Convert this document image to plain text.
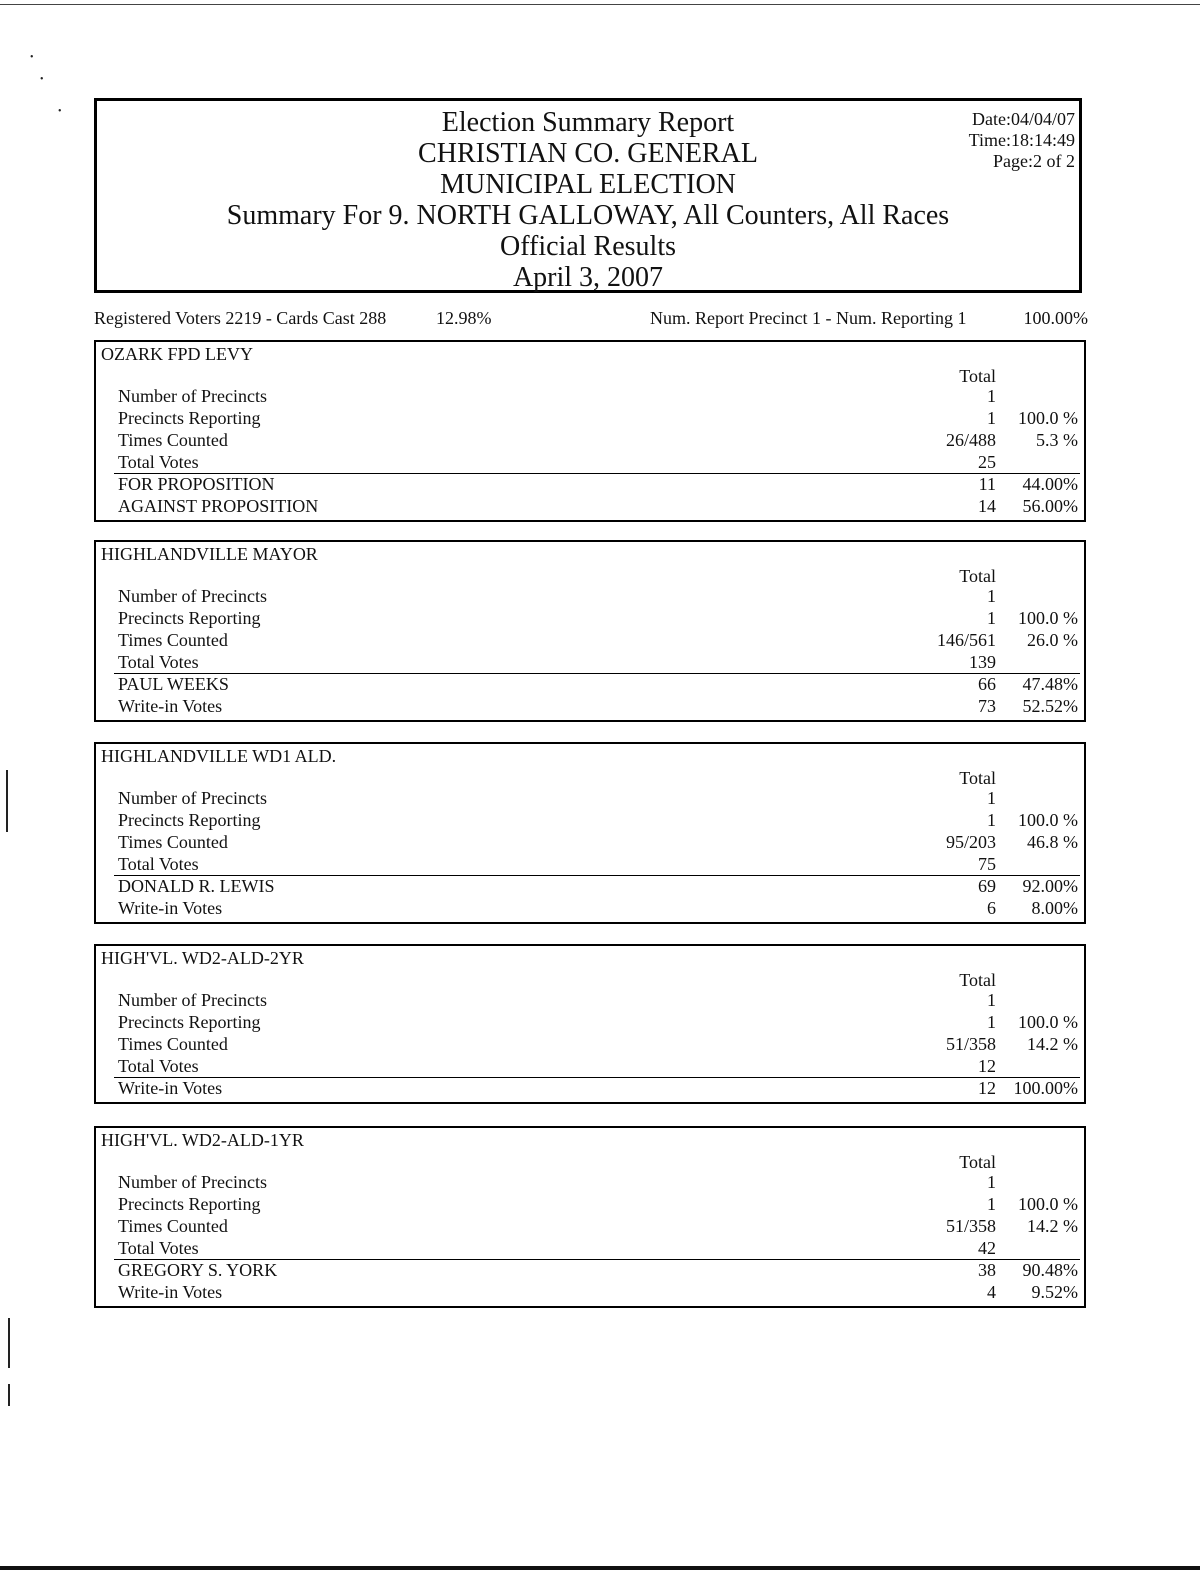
•
•
•	Election Summary Report
CHRISTIAN CO. GENERAL
MUNICIPAL ELECTION
Summary For 9. NORTH GALLOWAY, All Counters, All Races
Official Results
April 3, 2007
Date:04/04/07
Time:18:14:49
Page:2 of 2
Registered Voters 2219 - Cards Cast 288	12.98%	Num. Report Precinct 1 - Num. Reporting 1	100.00%
OZARK FPD LEVY
Total
Number of Precincts	1
Precincts Reporting	1 100.0 %
Times Counted	26/488 5.3 %
Total Votes	25
FOR PROPOSITION	11 44.00%
AGAINST PROPOSITION	14 56.00%
HIGHLANDVILLE MAYOR
Total
Number of Precincts	1
Precincts Reporting	1 100.0 %
Times Counted	146/561 26.0 %
Total Votes	139
PAUL WEEKS	66 47.48%
Write-in Votes	73 52.52%
HIGHLANDVILLE WD1 ALD.
Total
Number of Precincts	1
Precincts Reporting	1 100.0 %
Times Counted	95/203 46.8 %
Total Votes	75
DONALD R. LEWIS	69 92.00%
Write-in Votes	6 8.00%
HIGH'VL. WD2-ALD-2YR
Total
Number of Precincts	1
Precincts Reporting	1 100.0 %
Times Counted	51/358 14.2 %
Total Votes	12
Write-in Votes	12 100.00%
HIGH'VL. WD2-ALD-1YR
Total
Number of Precincts	1
Precincts Reporting	1 100.0 %
Times Counted	51/358 14.2 %
Total Votes	42
GREGORY S. YORK	38 90.48%
Write-in Votes	4 9.52%
